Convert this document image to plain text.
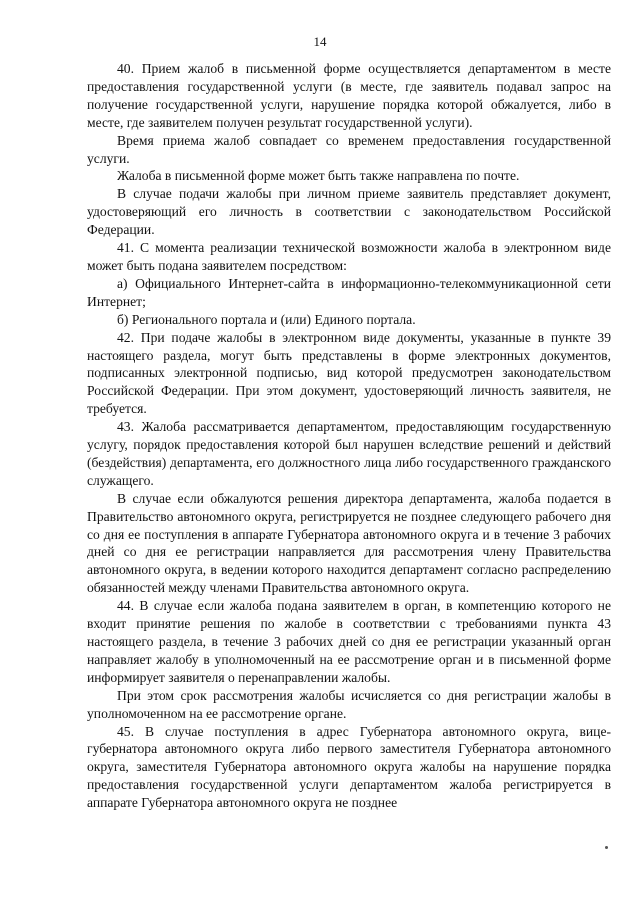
14

40. Прием жалоб в письменной форме осуществляется департаментом в месте предоставления государственной услуги (в месте, где заявитель подавал запрос на получение государственной услуги, нарушение порядка которой обжалуется, либо в месте, где заявителем получен результат государственной услуги).

Время приема жалоб совпадает со временем предоставления государственной услуги.

Жалоба в письменной форме может быть также направлена по почте.

В случае подачи жалобы при личном приеме заявитель представляет документ, удостоверяющий его личность в соответствии с законодательством Российской Федерации.

41. С момента реализации технической возможности жалоба в электронном виде может быть подана заявителем посредством:

а) Официального Интернет-сайта в информационно-телекоммуникационной сети Интернет;

б) Регионального портала и (или) Единого портала.

42. При подаче жалобы в электронном виде документы, указанные в пункте 39 настоящего раздела, могут быть представлены в форме электронных документов, подписанных электронной подписью, вид которой предусмотрен законодательством Российской Федерации. При этом документ, удостоверяющий личность заявителя, не требуется.

43. Жалоба рассматривается департаментом, предоставляющим государственную услугу, порядок предоставления которой был нарушен вследствие решений и действий (бездействия) департамента, его должностного лица либо государственного гражданского служащего.

В случае если обжалуются решения директора департамента, жалоба подается в Правительство автономного округа, регистрируется не позднее следующего рабочего дня со дня ее поступления в аппарате Губернатора автономного округа и в течение 3 рабочих дней со дня ее регистрации направляется для рассмотрения члену Правительства автономного округа, в ведении которого находится департамент согласно распределению обязанностей между членами Правительства автономного округа.

44. В случае если жалоба подана заявителем в орган, в компетенцию которого не входит принятие решения по жалобе в соответствии с требованиями пункта 43 настоящего раздела, в течение 3 рабочих дней со дня ее регистрации указанный орган направляет жалобу в уполномоченный на ее рассмотрение орган и в письменной форме информирует заявителя о перенаправлении жалобы.

При этом срок рассмотрения жалобы исчисляется со дня регистрации жалобы в уполномоченном на ее рассмотрение органе.

45. В случае поступления в адрес Губернатора автономного округа, вице-губернатора автономного округа либо первого заместителя Губернатора автономного округа, заместителя Губернатора автономного округа жалобы на нарушение порядка предоставления государственной услуги департаментом жалоба регистрируется в аппарате Губернатора автономного округа не позднее
